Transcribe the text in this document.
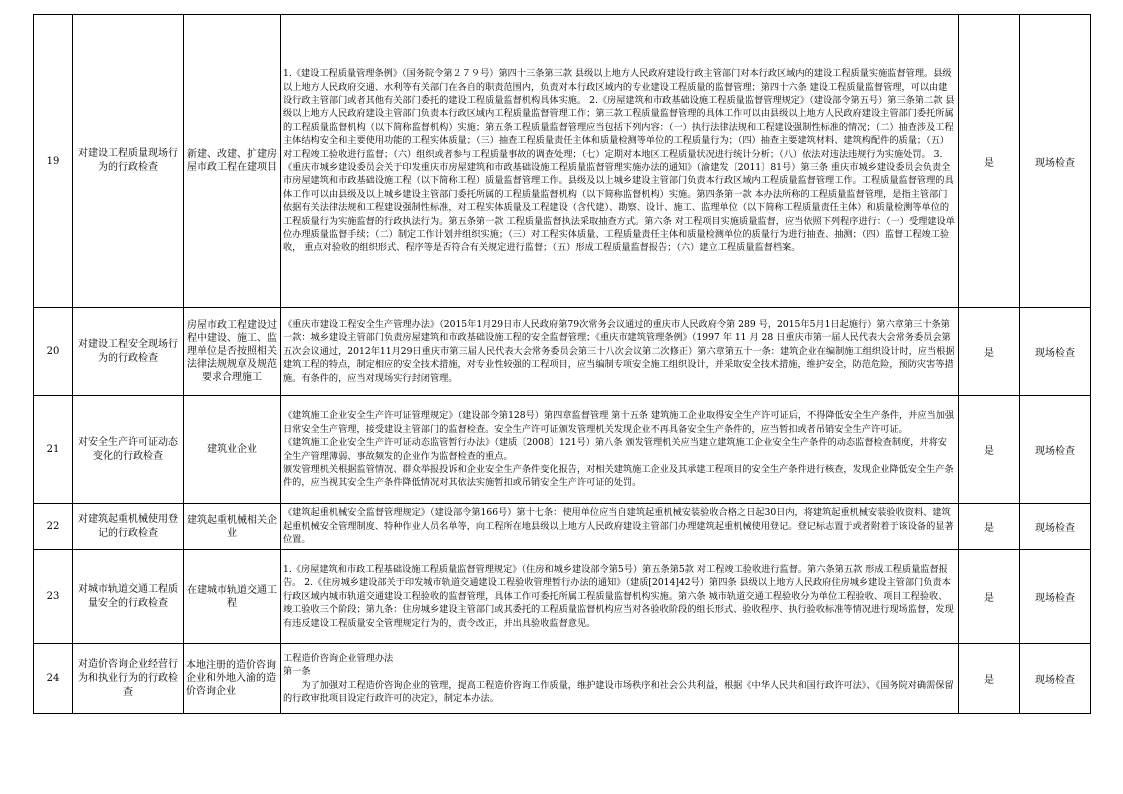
19	对建设工程质量现场行为的行政检查	新建、改建、扩建房屋市政工程在建项目	1.《建设工程质量管理条例》（国务院令第２７９号）第四十三条第三款 县级以上地方人民政府建设行政主管部门对本行政区域内的建设工程质量实施监督管理。县级以上地方人民政府交通、水利等有关部门在各自的职责范围内，负责对本行政区域内的专业建设工程质量的监督管理；第四十六条 建设工程质量监督管理，可以由建设行政主管部门或者其他有关部门委托的建设工程质量监督机构具体实施。 2.《房屋建筑和市政基础设施工程质量监督管理规定》（建设部令第五号）第三条第二款 县级以上地方人民政府建设主管部门负责本行政区域内工程质量监督管理工作；第三款工程质量监督管理的具体工作可以由县级以上地方人民政府建设主管部门委托所属的工程质量监督机构（以下简称监督机构）实施；第五条工程质量监督管理应当包括下列内容：（一）执行法律法规和工程建设强制性标准的情况；（二）抽查涉及工程主体结构安全和主要使用功能的工程实体质量；（三）抽查工程质量责任主体和质量检测等单位的工程质量行为；（四）抽查主要建筑材料、建筑构配件的质量；（五）对工程竣工验收进行监督；（六）组织或者参与工程质量事故的调查处理；（七）定期对本地区工程质量状况进行统计分析；（八）依法对违法违规行为实施处罚。 3.《重庆市城乡建设委员会关于印发重庆市房屋建筑和市政基础设施工程质量监督管理实施办法的通知》（渝建发〔2011〕81号）第三条 重庆市城乡建设委员会负责全市房屋建筑和市政基础设施工程（以下简称工程）质量监督管理工作。县级及以上城乡建设主管部门负责本行政区域内工程质量监督管理工作。工程质量监督管理的具体工作可以由县级及以上城乡建设主管部门委托所属的工程质量监督机构（以下简称监督机构）实施。第四条第一款 本办法所称的工程质量监督管理，是指主管部门依据有关法律法规和工程建设强制性标准，对工程实体质量及工程建设（含代建）、勘察、设计、施工、监理单位（以下简称工程质量责任主体）和质量检测等单位的工程质量行为实施监督的行政执法行为。第五条第一款 工程质量监督执法采取抽查方式。第六条 对工程项目实施质量监督，应当依照下列程序进行：（一）受理建设单位办理质量监督手续；（二）制定工作计划并组织实施；（三）对工程实体质量、工程质量责任主体和质量检测单位的质量行为进行抽查、抽测；（四）监督工程竣工验收， 重点对验收的组织形式、程序等是否符合有关规定进行监督；（五）形成工程质量监督报告；（六）建立工程质量监督档案。	是	现场检查
20	对建设工程安全现场行为的行政检查	房屋市政工程建设过程中建设、施工、监理单位是否按照相关法律法规规章及规范要求合理施工	《重庆市建设工程安全生产管理办法》（2015年1月29日市人民政府第79次常务会议通过的重庆市人民政府令第 289 号，2015年5月1日起施行）第六章第三十条第一款：城乡建设主管部门负责房屋建筑和市政基础设施工程的安全监督管理；《重庆市建筑管理条例》（1997 年 11 月 28 日重庆市第一届人民代表大会常务委员会第五次会议通过，2012年11月29日重庆市第三届人民代表大会常务委员会第三十八次会议第二次修正）第六章第五十一条：建筑企业在编制施工组织设计时，应当根据建筑工程的特点，制定相应的安全技术措施，对专业性较强的工程项目，应当编制专项安全施工组织设计，并采取安全技术措施，维护安全，防范危险，预防灾害等措施。有条件的，应当对现场实行封闭管理。	是	现场检查
21	对安全生产许可证动态变化的行政检查	建筑业企业	《建筑施工企业安全生产许可证管理规定》（建设部令第128号）第四章监督管理 第十五条 建筑施工企业取得安全生产许可证后，不得降低安全生产条件，并应当加强日常安全生产管理，接受建设主管部门的监督检查。安全生产许可证颁发管理机关发现企业不再具备安全生产条件的，应当暂扣或者吊销安全生产许可证。
《建筑施工企业安全生产许可证动态监管暂行办法》（建质〔2008〕121号）第八条 颁发管理机关应当建立建筑施工企业安全生产条件的动态监督检查制度，并将安全生产管理薄弱、事故频发的企业作为监督检查的重点。
颁发管理机关根据监管情况、群众举报投诉和企业安全生产条件变化报告，对相关建筑施工企业及其承建工程项目的安全生产条件进行核查，发现企业降低安全生产条件的，应当视其安全生产条件降低情况对其依法实施暂扣或吊销安全生产许可证的处罚。	是	现场检查
22	对建筑起重机械使用登记的行政检查	建筑起重机械相关企业	《建筑起重机械安全监督管理规定》（建设部令第166号）第十七条：使用单位应当自建筑起重机械安装验收合格之日起30日内，将建筑起重机械安装验收资料、建筑起重机械安全管理制度、特种作业人员名单等，向工程所在地县级以上地方人民政府建设主管部门办理建筑起重机械使用登记。登记标志置于或者附着于该设备的显著位置。	是	现场检查
23	对城市轨道交通工程质量安全的行政检查	在建城市轨道交通工程	1.《房屋建筑和市政工程基础设施工程质量监督管理规定》（住房和城乡建设部令第5号）第五条第5款 对工程竣工验收进行监督。第六条第五款 形成工程质量监督报告。 2.《住房城乡建设部关于印发城市轨道交通建设工程验收管理暂行办法的通知》（建质[2014]42号）第四条 县级以上地方人民政府住房城乡建设主管部门负责本行政区域内城市轨道交通建设工程验收的监督管理，具体工作可委托所属工程质量监督机构实施。第六条 城市轨道交通工程验收分为单位工程验收、项目工程验收、竣工验收三个阶段；第九条：住房城乡建设主管部门或其委托的工程质量监督机构应当对各验收阶段的组长形式、验收程序、执行验收标准等情况进行现场监督，发现有违反建设工程质量安全管理规定行为的，责令改正，并出具验收监督意见。	是	现场检查
24	对造价咨询企业经营行为和执业行为的行政检查	本地注册的造价咨询企业和外地入渝的造价咨询企业	工程造价咨询企业管理办法
第一条
　　为了加强对工程造价咨询企业的管理，提高工程造价咨询工作质量，维护建设市场秩序和社会公共利益，根据《中华人民共和国行政许可法》、《国务院对确需保留的行政审批项目设定行政许可的决定》，制定本办法。	是	现场检查
